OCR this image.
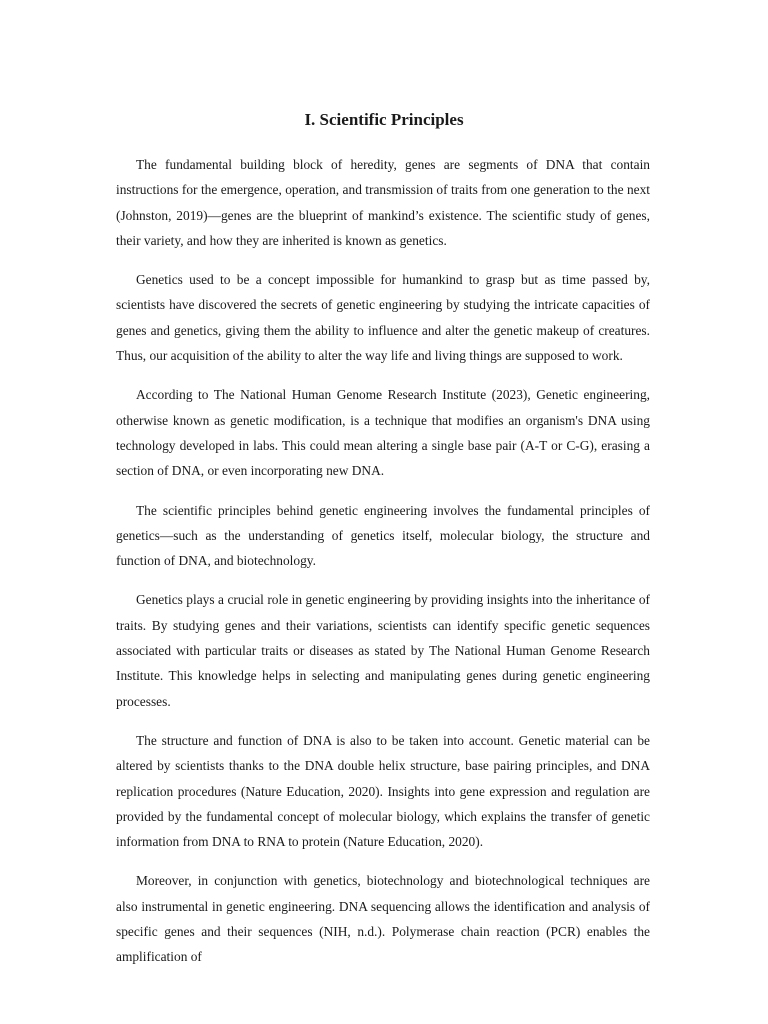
I. Scientific Principles

The fundamental building block of heredity, genes are segments of DNA that contain instructions for the emergence, operation, and transmission of traits from one generation to the next (Johnston, 2019)—genes are the blueprint of mankind’s existence. The scientific study of genes, their variety, and how they are inherited is known as genetics.

Genetics used to be a concept impossible for humankind to grasp but as time passed by, scientists have discovered the secrets of genetic engineering by studying the intricate capacities of genes and genetics, giving them the ability to influence and alter the genetic makeup of creatures. Thus, our acquisition of the ability to alter the way life and living things are supposed to work.

According to The National Human Genome Research Institute (2023), Genetic engineering, otherwise known as genetic modification, is a technique that modifies an organism's DNA using technology developed in labs. This could mean altering a single base pair (A-T or C-G), erasing a section of DNA, or even incorporating new DNA.

The scientific principles behind genetic engineering involves the fundamental principles of genetics—such as the understanding of genetics itself, molecular biology, the structure and function of DNA, and biotechnology.

Genetics plays a crucial role in genetic engineering by providing insights into the inheritance of traits. By studying genes and their variations, scientists can identify specific genetic sequences associated with particular traits or diseases as stated by The National Human Genome Research Institute. This knowledge helps in selecting and manipulating genes during genetic engineering processes.

The structure and function of DNA is also to be taken into account. Genetic material can be altered by scientists thanks to the DNA double helix structure, base pairing principles, and DNA replication procedures (Nature Education, 2020). Insights into gene expression and regulation are provided by the fundamental concept of molecular biology, which explains the transfer of genetic information from DNA to RNA to protein (Nature Education, 2020).

Moreover, in conjunction with genetics, biotechnology and biotechnological techniques are also instrumental in genetic engineering. DNA sequencing allows the identification and analysis of specific genes and their sequences (NIH, n.d.). Polymerase chain reaction (PCR) enables the amplification of
